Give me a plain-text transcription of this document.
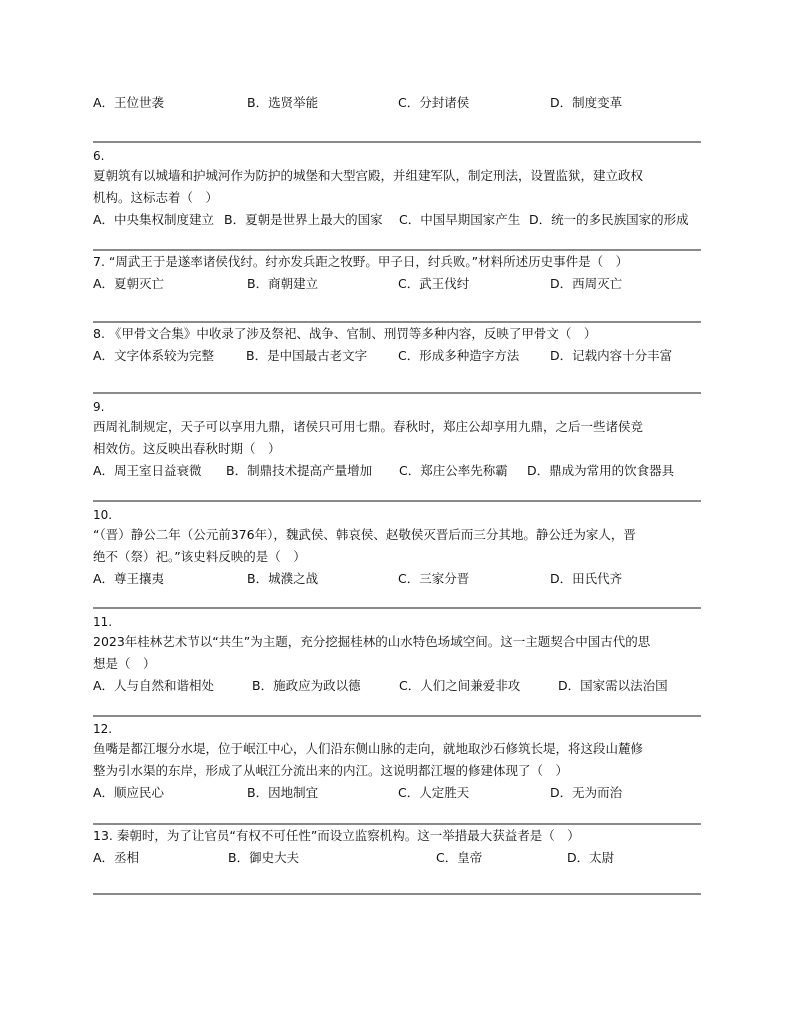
A．王位世袭	B．选贤举能	C．分封诸侯	D．制度变革
6.
夏朝筑有以城墙和护城河作为防护的城堡和大型宫殿，并组建军队，制定刑法，设置监狱，建立政权
机构。这标志着（　）
A．中央集权制度建立 B．夏朝是世界上最大的国家 C．中国早期国家产生 D．统一的多民族国家的形成
7. “周武王于是遂率诸侯伐纣。纣亦发兵距之牧野。甲子日，纣兵败。”材料所述历史事件是（　）
A．夏朝灭亡	B．商朝建立	C．武王伐纣	D．西周灭亡
8. 《甲骨文合集》中收录了涉及祭祀、战争、官制、刑罚等多种内容，反映了甲骨文（　）
A．文字体系较为完整	B．是中国最古老文字 C．形成多种造字方法 D．记载内容十分丰富
9.
西周礼制规定，天子可以享用九鼎，诸侯只可用七鼎。春秋时，郑庄公却享用九鼎，之后一些诸侯竞
相效仿。这反映出春秋时期（　）
A．周王室日益衰微 B．制鼎技术提高产量增加 C．郑庄公率先称霸 D．鼎成为常用的饮食器具
10.
“（晋）静公二年（公元前376年），魏武侯、韩哀侯、赵敬侯灭晋后而三分其地。静公迁为家人，晋
绝不（祭）祀。”该史料反映的是（　）
A．尊王攘夷	B．城濮之战	C．三家分晋	D．田氏代齐
11.
2023年桂林艺术节以“共生”为主题，充分挖掘桂林的山水特色场域空间。这一主题契合中国古代的思
想是（　）
A．人与自然和谐相处	B．施政应为政以德	C．人们之间兼爱非攻	D．国家需以法治国
12.
鱼嘴是都江堰分水堤，位于岷江中心，人们沿东侧山脉的走向，就地取沙石修筑长堤，将这段山麓修
整为引水渠的东岸，形成了从岷江分流出来的内江。这说明都江堰的修建体现了（　）
A．顺应民心	B．因地制宜	C．人定胜天	D．无为而治
13. 秦朝时，为了让官员“有权不可任性”而设立监察机构。这一举措最大获益者是（　）
A．丞相	B．御史大夫	C．皇帝	D．太尉
